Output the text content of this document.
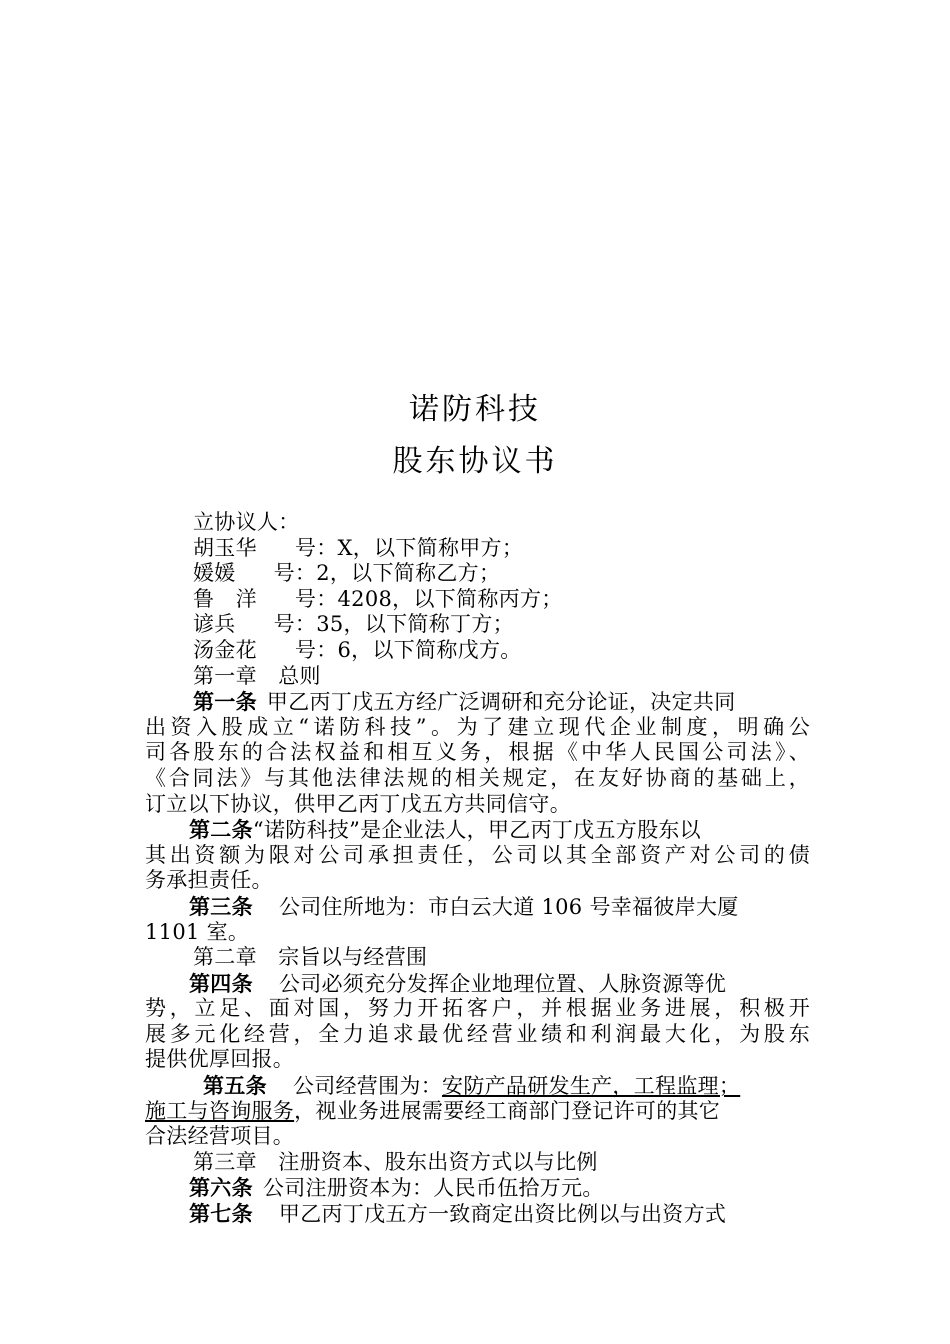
诺防科技
股东协议书
立协议人：
胡玉华 号：X，以下简称甲方；
媛媛 号：2，以下简称乙方；
鲁　洋 号：4208，以下简称丙方；
谚兵 号：35，以下简称丁方；
汤金花 号：6，以下简称戊方。
第一章　总则
第一条 甲乙丙丁戊五方经广泛调研和充分论证，决定共同
出资入股成立“诺防科技”。为了建立现代企业制度，明确公
司各股东的合法权益和相互义务，根据《中华人民国公司法》、
《合同法》与其他法律法规的相关规定，在友好协商的基础上，
订立以下协议，供甲乙丙丁戊五方共同信守。
第二条“诺防科技”是企业法人，甲乙丙丁戊五方股东以
其出资额为限对公司承担责任，公司以其全部资产对公司的债
务承担责任。
第三条 公司住所地为：市白云大道 106 号幸福彼岸大厦
1101 室。
第二章　宗旨以与经营围
第四条 公司必须充分发挥企业地理位置、人脉资源等优
势，立足、面对国，努力开拓客户，并根据业务进展，积极开
展多元化经营，全力追求最优经营业绩和利润最大化，为股东
提供优厚回报。
第五条 公司经营围为：安防产品研发生产，工程监理；
施工与咨询服务，视业务进展需要经工商部门登记许可的其它
合法经营项目。
第三章　注册资本、股东出资方式以与比例
第六条 公司注册资本为：人民币伍拾万元。
第七条 甲乙丙丁戊五方一致商定出资比例以与出资方式
